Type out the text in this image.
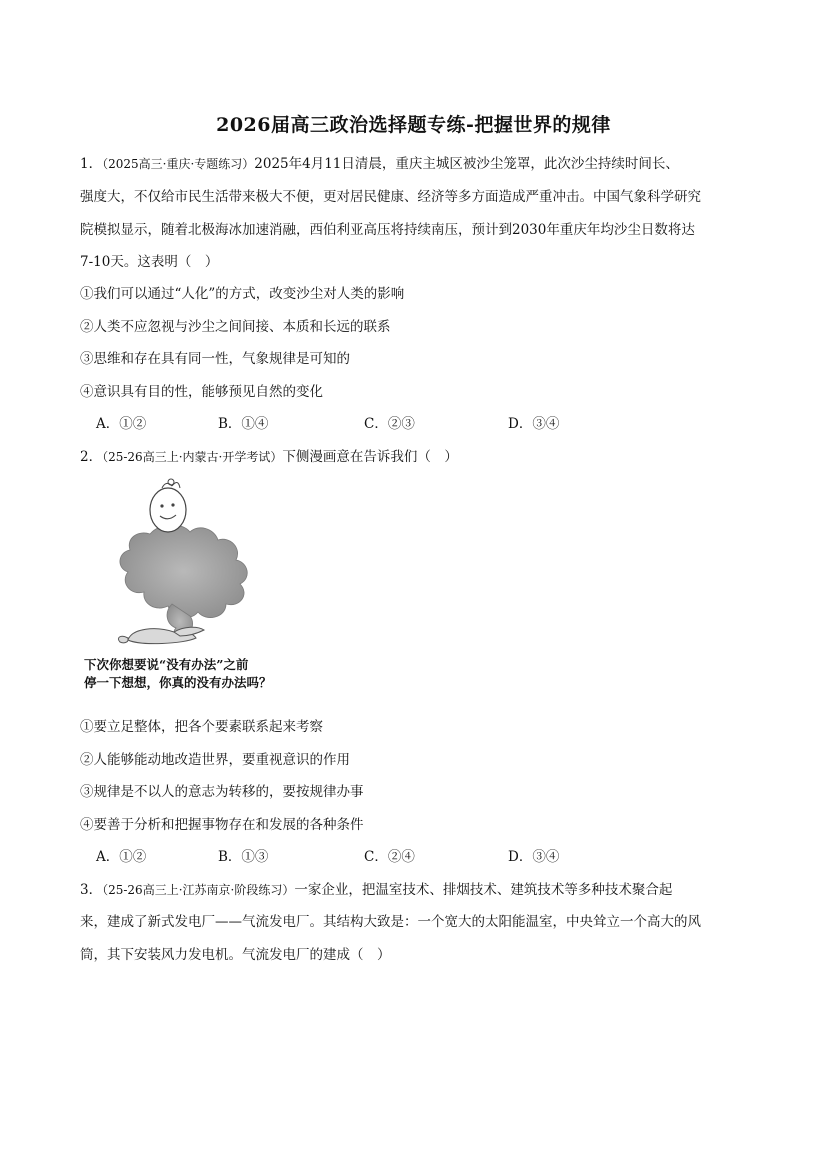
2026届高三政治选择题专练-把握世界的规律
1．（2025高三·重庆·专题练习）2025年4月11日清晨，重庆主城区被沙尘笼罩，此次沙尘持续时间长、
强度大，不仅给市民生活带来极大不便，更对居民健康、经济等多方面造成严重冲击。中国气象科学研究
院模拟显示，随着北极海冰加速消融，西伯利亚高压将持续南压，预计到2030年重庆年均沙尘日数将达
7-10天。这表明（　）
①我们可以通过“人化”的方式，改变沙尘对人类的影响
②人类不应忽视与沙尘之间间接、本质和长远的联系
③思维和存在具有同一性，气象规律是可知的
④意识具有目的性，能够预见自然的变化
A．①②	B．①④	C．②③	D．③④
2．（25-26高三上·内蒙古·开学考试）下侧漫画意在告诉我们（　）
下次你想要说“没有办法”之前
停一下想想，你真的没有办法吗？
①要立足整体，把各个要素联系起来考察
②人能够能动地改造世界，要重视意识的作用
③规律是不以人的意志为转移的，要按规律办事
④要善于分析和把握事物存在和发展的各种条件
A．①②	B．①③	C．②④	D．③④
3．（25-26高三上·江苏南京·阶段练习）一家企业，把温室技术、排烟技术、建筑技术等多种技术聚合起
来，建成了新式发电厂——气流发电厂。其结构大致是：一个宽大的太阳能温室，中央耸立一个高大的风
筒，其下安装风力发电机。气流发电厂的建成（　）
